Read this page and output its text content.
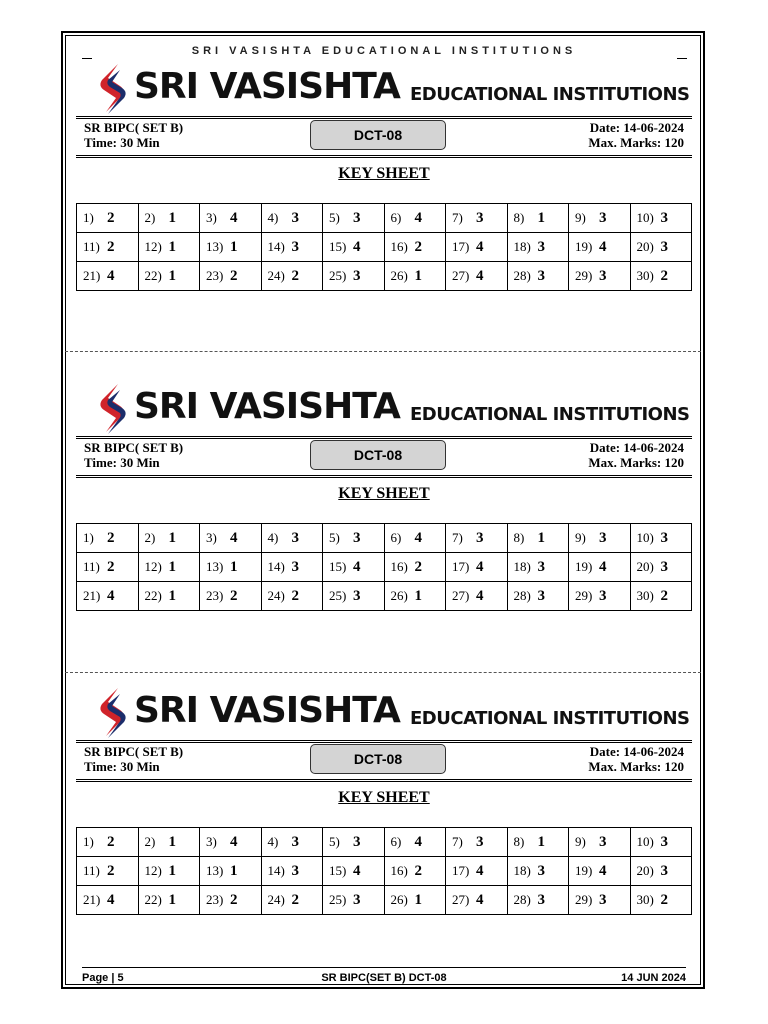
SRI VASISHTA EDUCATIONAL INSTITUTIONS
SRI VASISHTA EDUCATIONAL INSTITUTIONS
SR BIPC( SET B)
Time: 30 Min	DCT-08	Date: 14-06-2024
Max. Marks: 120
KEY SHEET
1) 2	2) 1	3) 4	4) 3	5) 3	6) 4	7) 3	8) 1	9) 3	10) 3
11) 2	12) 1	13) 1	14) 3	15) 4	16) 2	17) 4	18) 3	19) 4	20) 3
21) 4	22) 1	23) 2	24) 2	25) 3	26) 1	27) 4	28) 3	29) 3	30) 2
SRI VASISHTA EDUCATIONAL INSTITUTIONS
SR BIPC( SET B)
Time: 30 Min	DCT-08	Date: 14-06-2024
Max. Marks: 120
KEY SHEET
1) 2	2) 1	3) 4	4) 3	5) 3	6) 4	7) 3	8) 1	9) 3	10) 3
11) 2	12) 1	13) 1	14) 3	15) 4	16) 2	17) 4	18) 3	19) 4	20) 3
21) 4	22) 1	23) 2	24) 2	25) 3	26) 1	27) 4	28) 3	29) 3	30) 2
SRI VASISHTA EDUCATIONAL INSTITUTIONS
SR BIPC( SET B)
Time: 30 Min	DCT-08	Date: 14-06-2024
Max. Marks: 120
KEY SHEET
1) 2	2) 1	3) 4	4) 3	5) 3	6) 4	7) 3	8) 1	9) 3	10) 3
11) 2	12) 1	13) 1	14) 3	15) 4	16) 2	17) 4	18) 3	19) 4	20) 3
21) 4	22) 1	23) 2	24) 2	25) 3	26) 1	27) 4	28) 3	29) 3	30) 2
Page | 5	SR BIPC(SET B) DCT-08	14 JUN 2024
